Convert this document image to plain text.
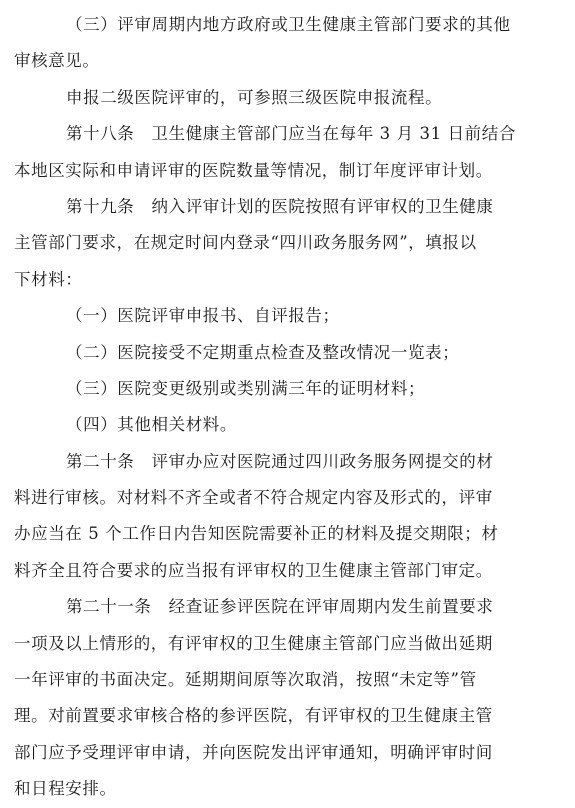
（三）评审周期内地方政府或卫生健康主管部门要求的其他
审核意见。
申报二级医院评审的，可参照三级医院申报流程。
第十八条　卫生健康主管部门应当在每年 3 月 31 日前结合
本地区实际和申请评审的医院数量等情况，制订年度评审计划。
第十九条　纳入评审计划的医院按照有评审权的卫生健康
主管部门要求，在规定时间内登录“四川政务服务网”，填报以
下材料：
（一）医院评审申报书、自评报告；
（二）医院接受不定期重点检查及整改情况一览表；
（三）医院变更级别或类别满三年的证明材料；
（四）其他相关材料。
第二十条　评审办应对医院通过四川政务服务网提交的材
料进行审核。对材料不齐全或者不符合规定内容及形式的，评审
办应当在 5 个工作日内告知医院需要补正的材料及提交期限；材
料齐全且符合要求的应当报有评审权的卫生健康主管部门审定。
第二十一条　经查证参评医院在评审周期内发生前置要求
一项及以上情形的，有评审权的卫生健康主管部门应当做出延期
一年评审的书面决定。延期期间原等次取消，按照“未定等”管
理。对前置要求审核合格的参评医院，有评审权的卫生健康主管
部门应予受理评审申请，并向医院发出评审通知，明确评审时间
和日程安排。
